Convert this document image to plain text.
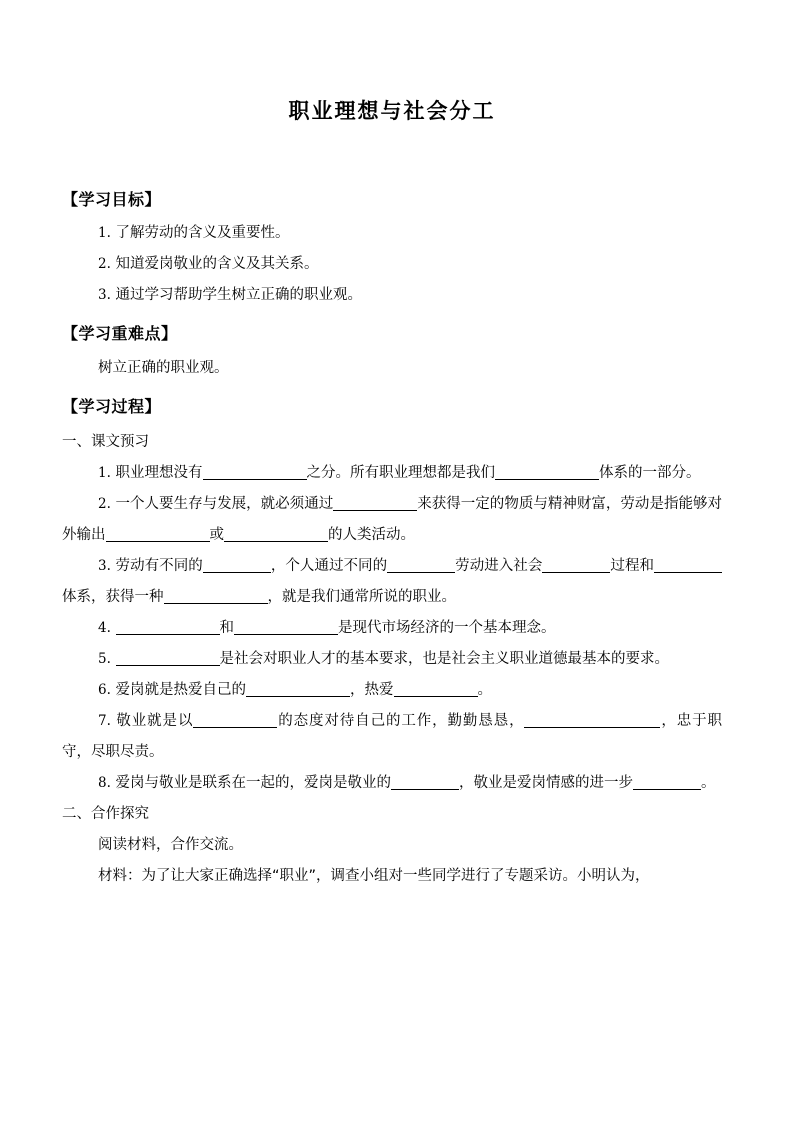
职业理想与社会分工
【学习目标】
1. 了解劳动的含义及重要性。
2. 知道爱岗敬业的含义及其关系。
3. 通过学习帮助学生树立正确的职业观。
【学习重难点】
树立正确的职业观。
【学习过程】
一、课文预习
1. 职业理想没有	之分。所有职业理想都是我们	体系的一部分。
2. 一个人要生存与发展，就必须通过	来获得一定的物质与精神财富，劳动是指能够对外输出	或	的人类活动。
3. 劳动有不同的	，个人通过不同的	劳动进入社会	过程和体系，获得一种	，就是我们通常所说的职业。
4.	和	是现代市场经济的一个基本理念。
5.	是社会对职业人才的基本要求，也是社会主义职业道德最基本的要求。
6. 爱岗就是热爱自己的	，热爱	。
7. 敬业就是以	的态度对待自己的工作，勤勤恳恳，	，忠于职守，尽职尽责。
8. 爱岗与敬业是联系在一起的，爱岗是敬业的	，敬业是爱岗情感的进一步	。
二、合作探究
阅读材料，合作交流。
材料：为了让大家正确选择“职业”，调查小组对一些同学进行了专题采访。小明认为，
